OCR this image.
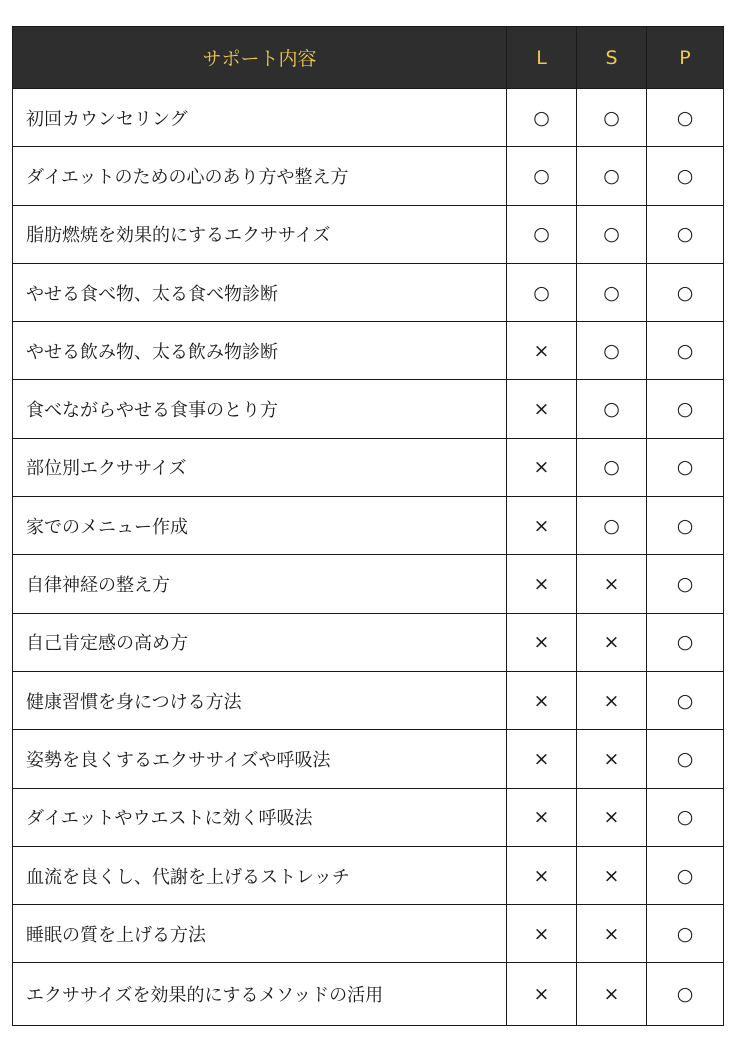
サポート内容	L	S	P
初回カウンセリング	○	○	○
ダイエットのための心のあり方や整え方	○	○	○
脂肪燃焼を効果的にするエクササイズ	○	○	○
やせる食べ物、太る食べ物診断	○	○	○
やせる飲み物、太る飲み物診断	×	○	○
食べながらやせる食事のとり方	×	○	○
部位別エクササイズ	×	○	○
家でのメニュー作成	×	○	○
自律神経の整え方	×	×	○
自己肯定感の高め方	×	×	○
健康習慣を身につける方法	×	×	○
姿勢を良くするエクササイズや呼吸法	×	×	○
ダイエットやウエストに効く呼吸法	×	×	○
血流を良くし、代謝を上げるストレッチ	×	×	○
睡眠の質を上げる方法	×	×	○
エクササイズを効果的にするメソッドの活用	×	×	○
